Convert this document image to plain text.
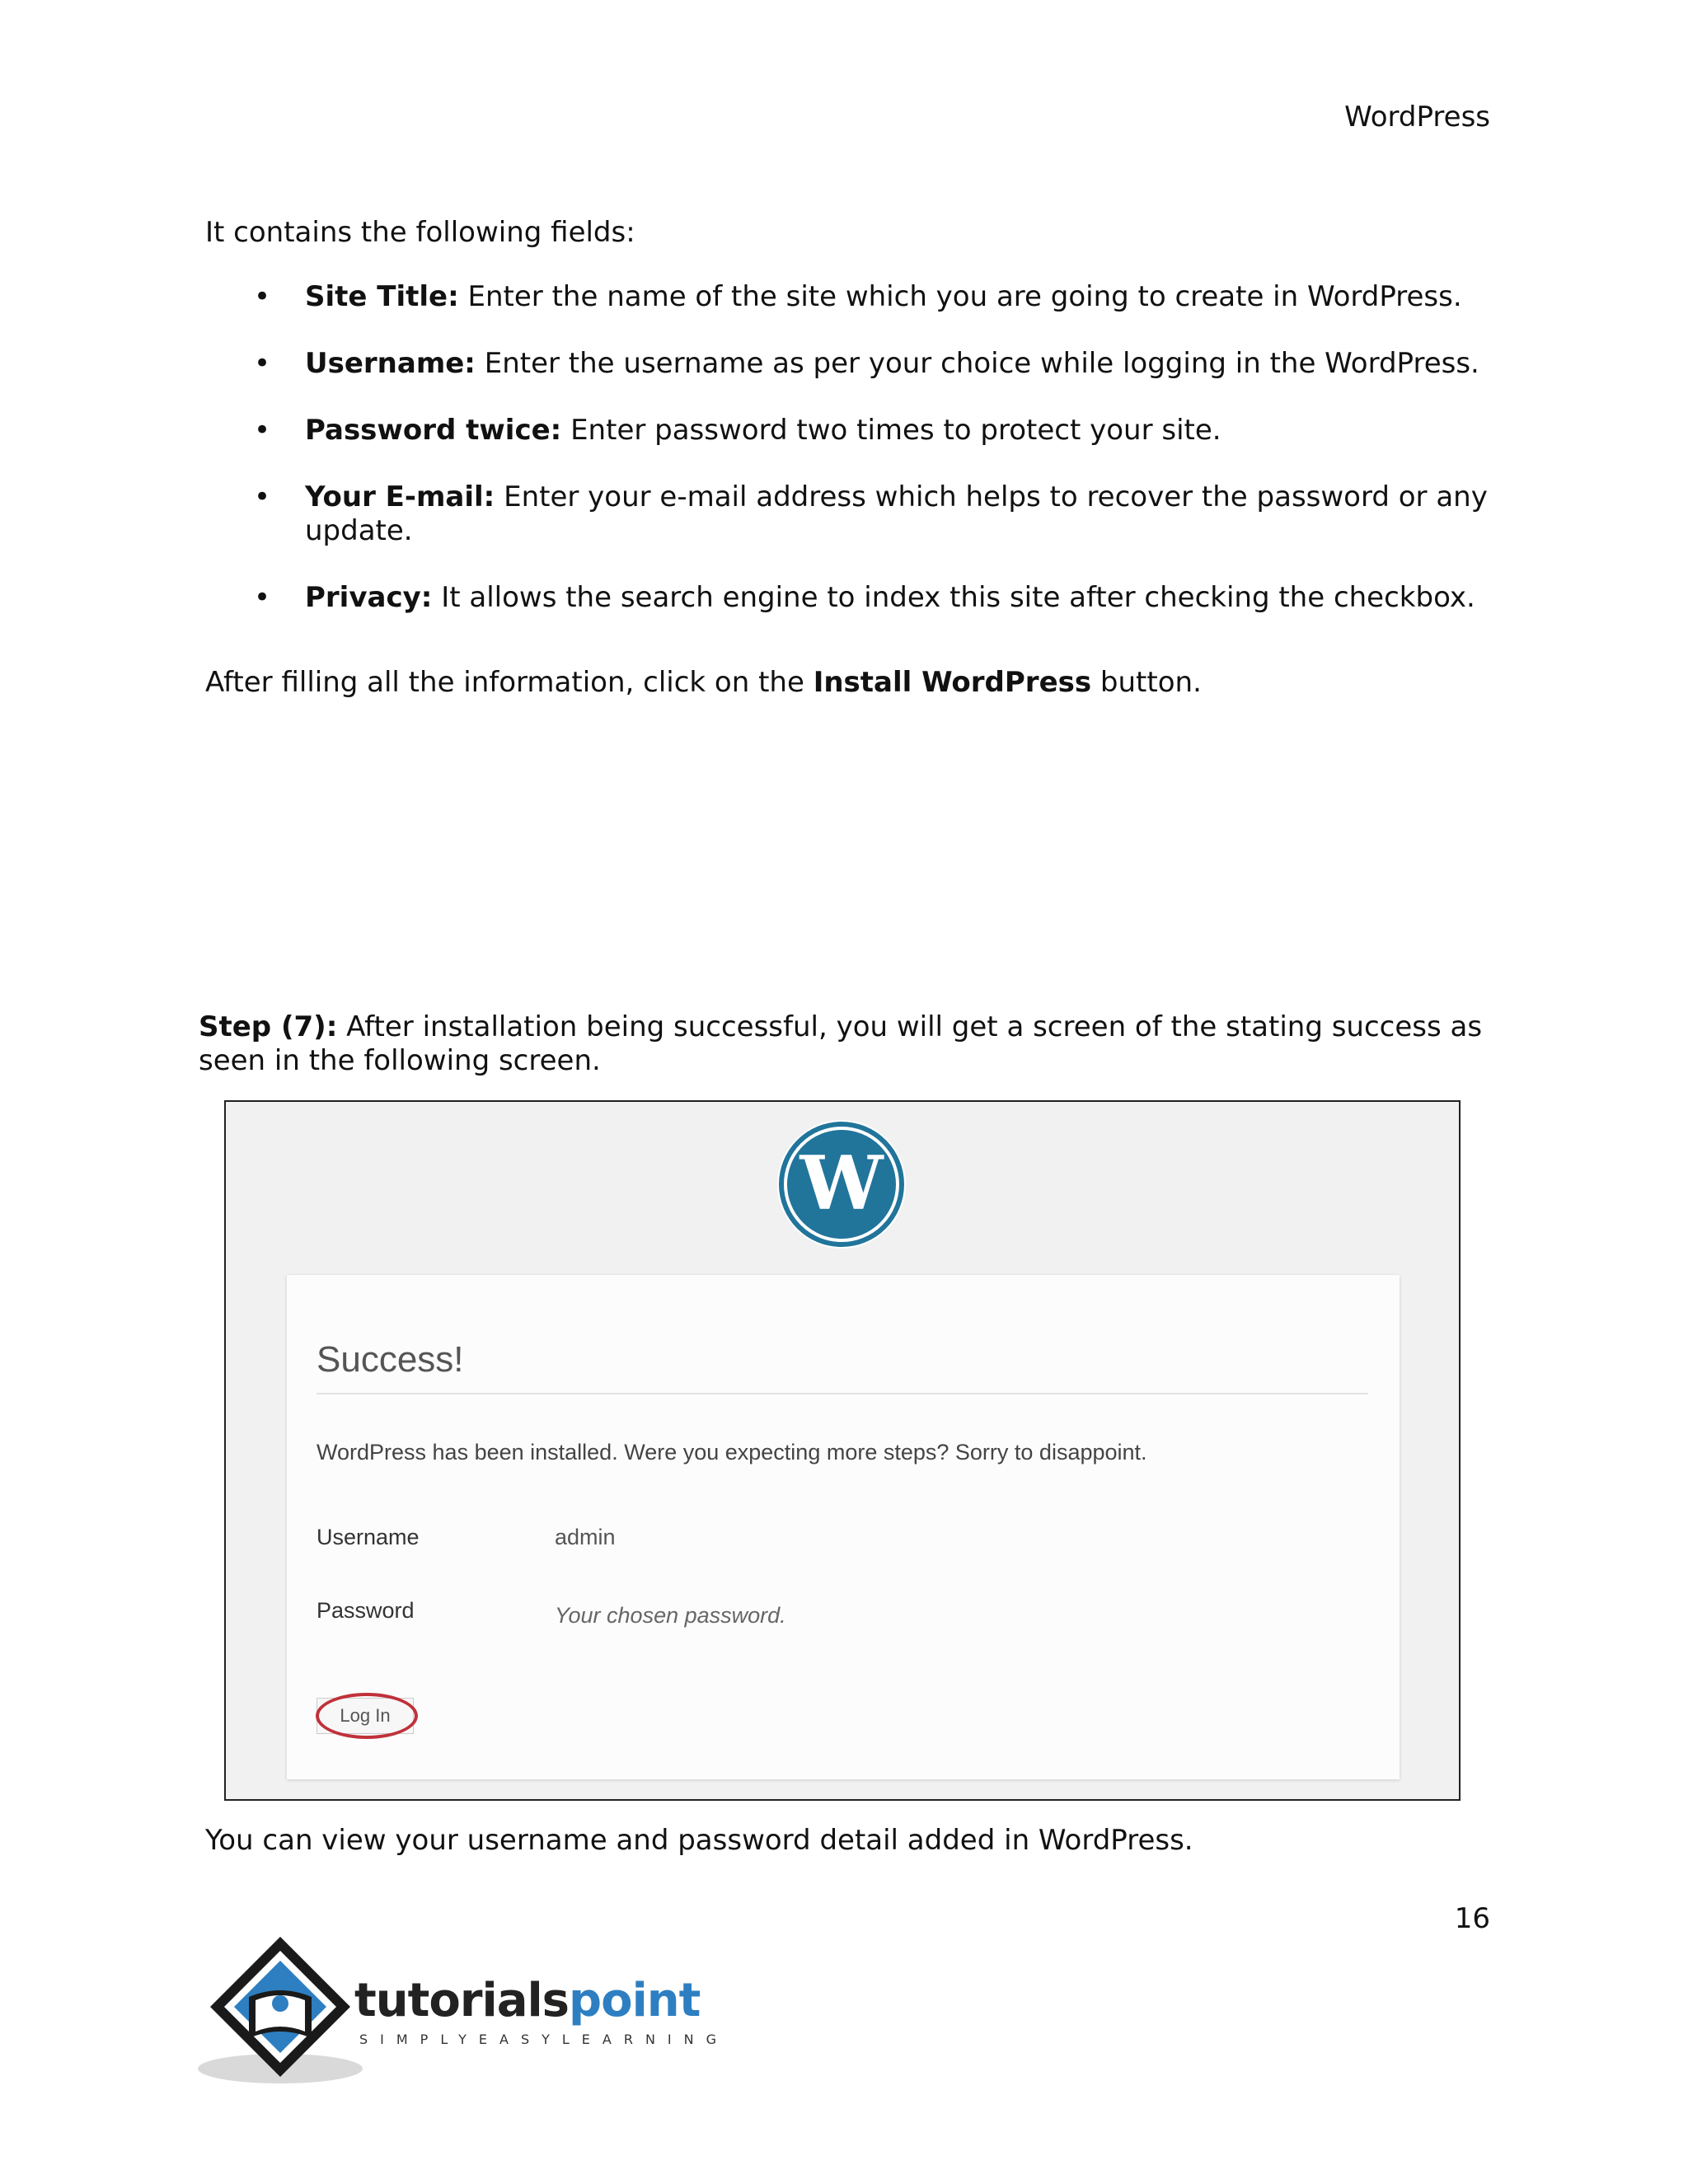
WordPress
It contains the following fields:
• Site Title: Enter the name of the site which you are going to create in WordPress.
• Username: Enter the username as per your choice while logging in the WordPress.
• Password twice: Enter password two times to protect your site.
• Your E-mail: Enter your e-mail address which helps to recover the password or any update.
• Privacy: It allows the search engine to index this site after checking the checkbox.
After filling all the information, click on the Install WordPress button.
Step (7): After installation being successful, you will get a screen of the stating success as
seen in the following screen.
W
Success!
WordPress has been installed. Were you expecting more steps? Sorry to disappoint.
Username	admin
Password	Your chosen password.
Log In
You can view your username and password detail added in WordPress.
16
tutorialspoint
SIMPLYEASYLEARNING
